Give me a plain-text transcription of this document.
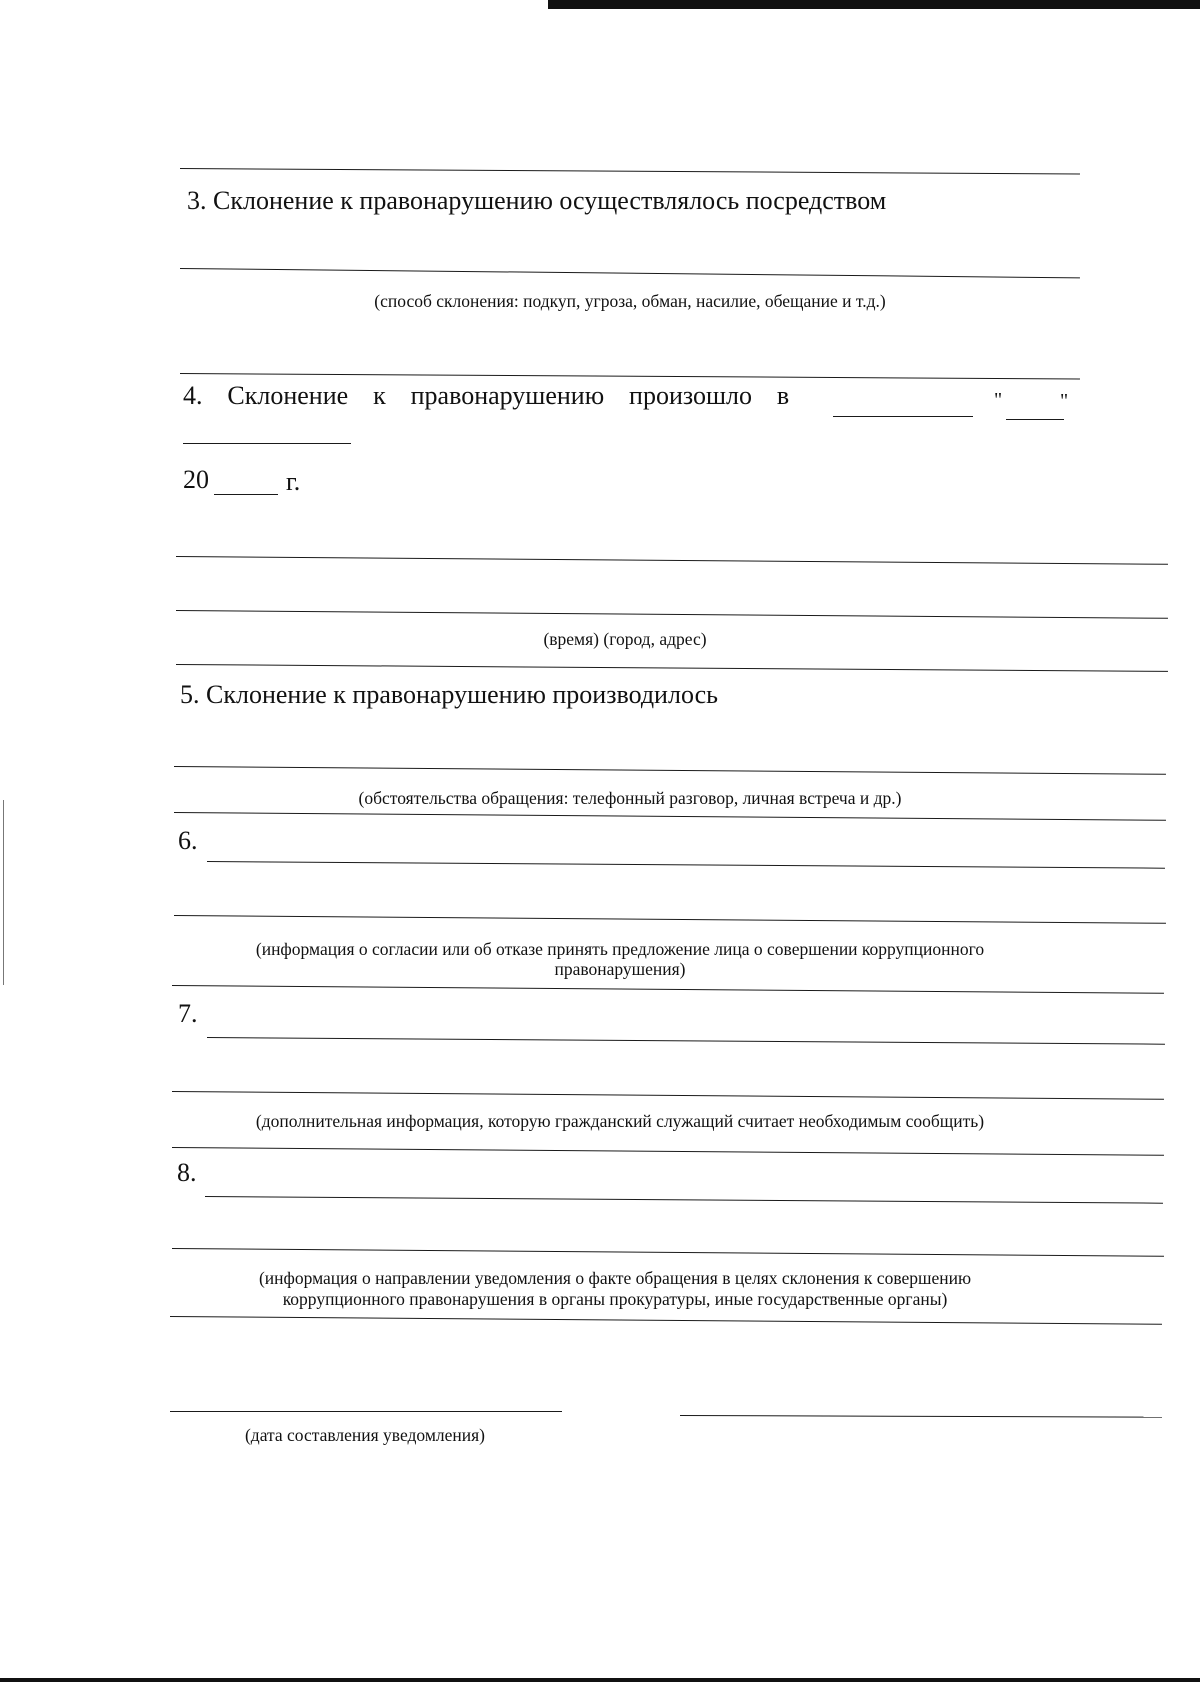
3. Склонение к правонарушению осуществлялось посредством
(способ склонения: подкуп, угроза, обман, насилие, обещание и т.д.)
4. Склонение к правонарушению произошло в	"	"
20	г.
(время) (город, адрес)
5. Склонение к правонарушению производилось
(обстоятельства обращения: телефонный разговор, личная встреча и др.)
6.
(информация о согласии или об отказе принять предложение лица о совершении коррупционного
правонарушения)
7.
(дополнительная информация, которую гражданский служащий считает необходимым сообщить)
8.
(информация о направлении уведомления о факте обращения в целях склонения к совершению
коррупционного правонарушения в органы прокуратуры, иные государственные органы)
(дата составления уведомления)
